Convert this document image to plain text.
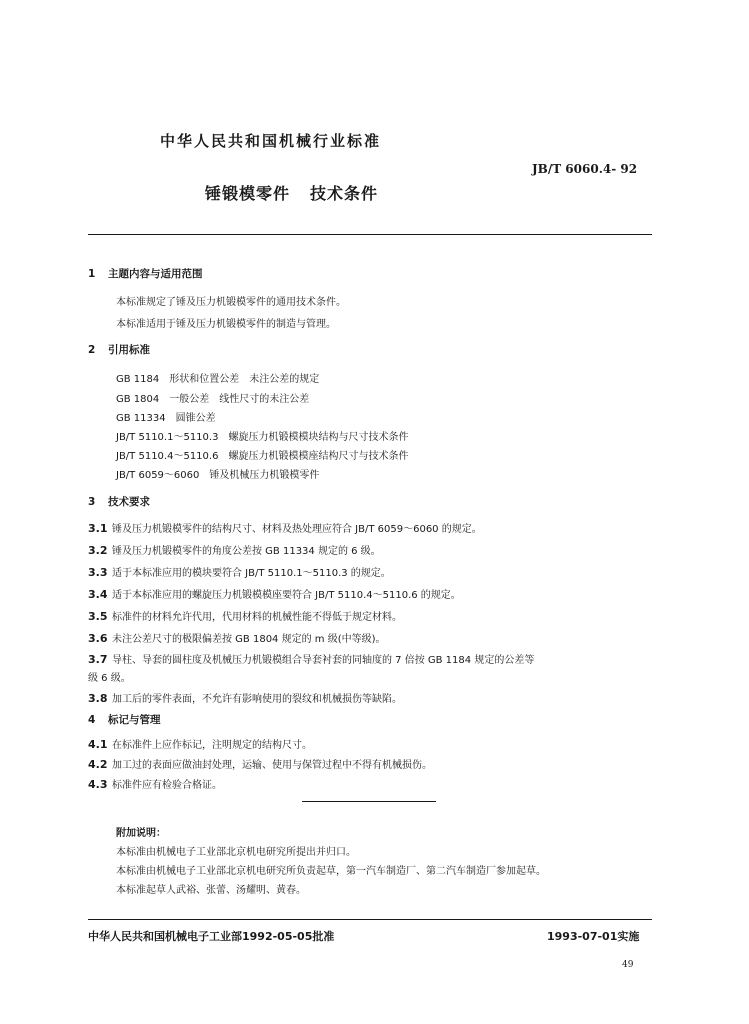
中华人民共和国机械行业标准
JB/T 6060.4- 92
锤锻模零件 技术条件
1 主题内容与适用范围
本标准规定了锤及压力机锻模零件的通用技术条件。
本标准适用于锤及压力机锻模零件的制造与管理。
2 引用标准
GB 1184　形状和位置公差　未注公差的规定
GB 1804　一般公差　线性尺寸的未注公差
GB 11334　圆锥公差
JB/T 5110.1～5110.3　螺旋压力机锻模模块结构与尺寸技术条件
JB/T 5110.4～5110.6　螺旋压力机锻模模座结构尺寸与技术条件
JB/T 6059～6060　锤及机械压力机锻模零件
3 技术要求
3.1 锤及压力机锻模零件的结构尺寸、材料及热处理应符合 JB/T 6059～6060 的规定。
3.2 锤及压力机锻模零件的角度公差按 GB 11334 规定的 6 级。
3.3 适于本标准应用的模块要符合 JB/T 5110.1～5110.3 的规定。
3.4 适于本标准应用的螺旋压力机锻模模座要符合 JB/T 5110.4～5110.6 的规定。
3.5 标准件的材料允许代用，代用材料的机械性能不得低于规定材料。
3.6 未注公差尺寸的极限偏差按 GB 1804 规定的 m 级(中等级)。
3.7 导柱、导套的圆柱度及机械压力机锻模组合导套衬套的同轴度的 7 倍按 GB 1184 规定的公差等
级 6 级。
3.8 加工后的零件表面，不允许有影响使用的裂纹和机械损伤等缺陷。
4 标记与管理
4.1 在标准件上应作标记，注明规定的结构尺寸。
4.2 加工过的表面应做油封处理，运输、使用与保管过程中不得有机械损伤。
4.3 标准件应有检验合格证。
附加说明：
本标准由机械电子工业部北京机电研究所提出并归口。
本标准由机械电子工业部北京机电研究所负责起草，第一汽车制造厂、第二汽车制造厂参加起草。
本标准起草人武裕、张蕾、汤耀明、黄春。
中华人民共和国机械电子工业部1992-05-05批准	1993-07-01实施
49
